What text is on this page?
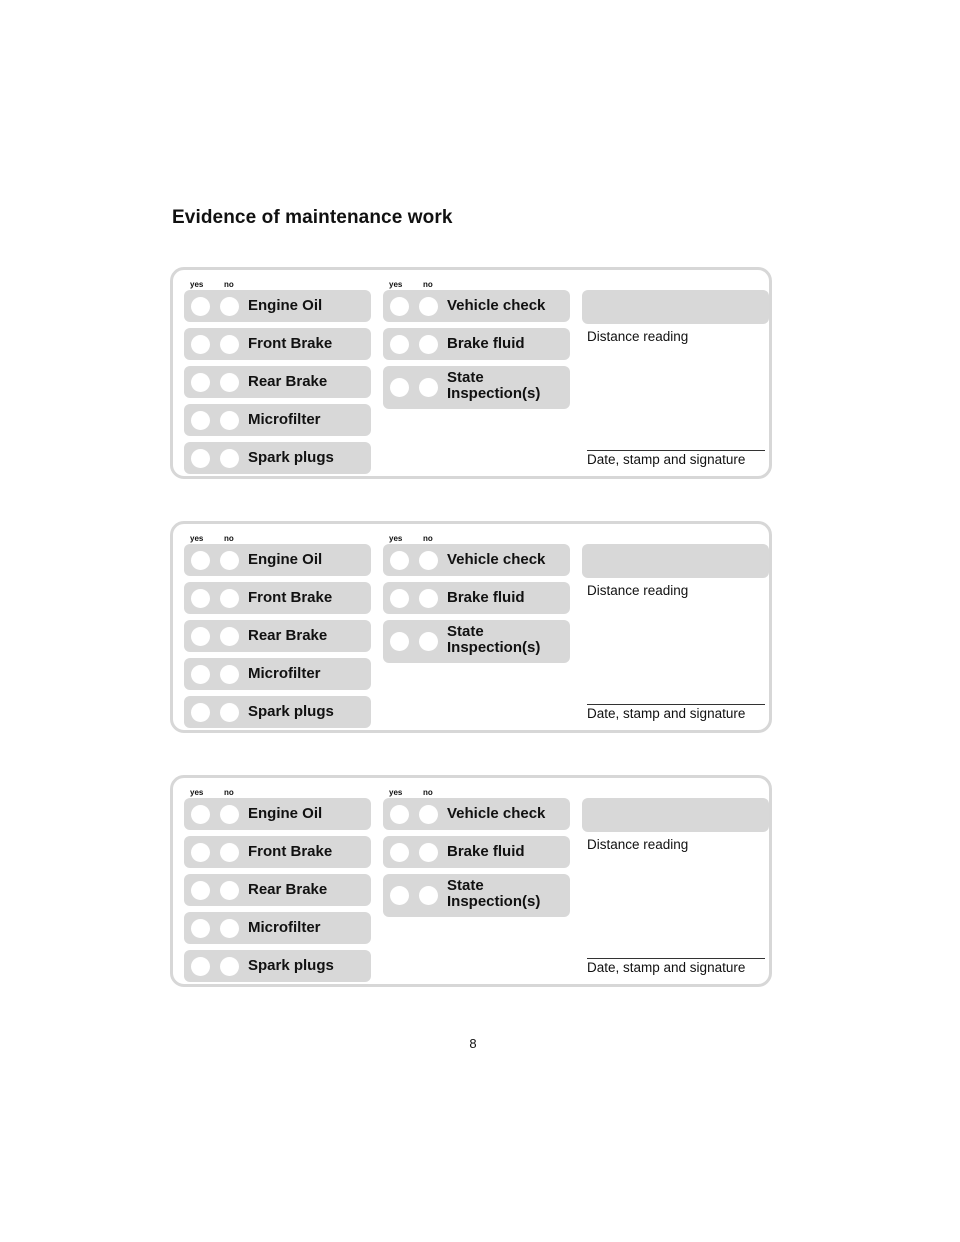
Evidence of maintenance work
yes	no
Engine Oil
Front Brake
Rear Brake
Microfilter
Spark plugs
yes	no
Vehicle check
Brake fluid
State
Inspection(s)
Distance reading
Date, stamp and signature
yes	no
Engine Oil
Front Brake
Rear Brake
Microfilter
Spark plugs
yes	no
Vehicle check
Brake fluid
State
Inspection(s)
Distance reading
Date, stamp and signature
yes	no
Engine Oil
Front Brake
Rear Brake
Microfilter
Spark plugs
yes	no
Vehicle check
Brake fluid
State
Inspection(s)
Distance reading
Date, stamp and signature
8
